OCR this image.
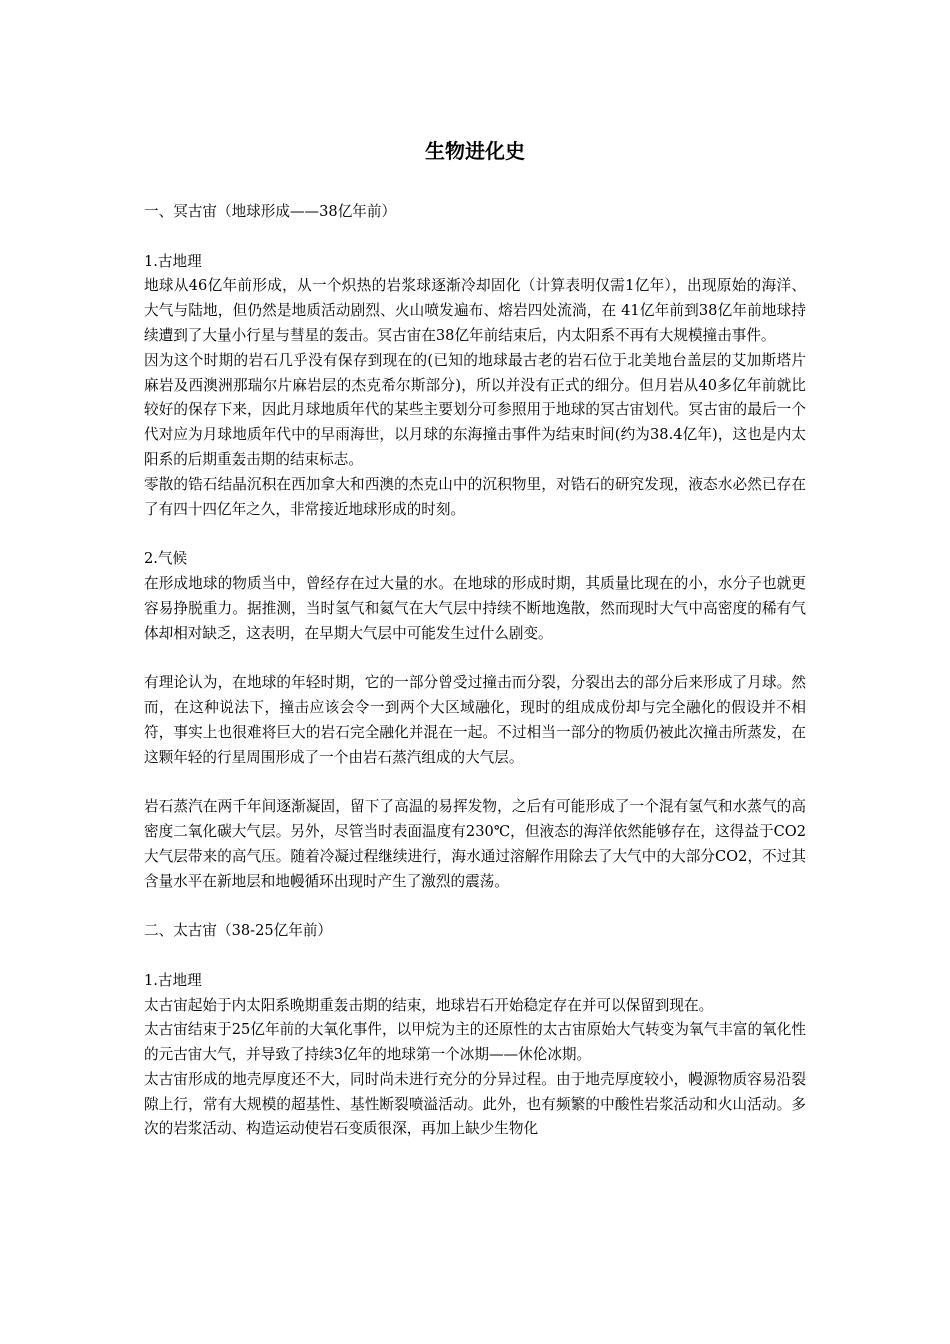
生物进化史

一、冥古宙（地球形成——38亿年前）

1.古地理

地球从46亿年前形成，从一个炽热的岩浆球逐渐冷却固化（计算表明仅需1亿年），出现原始的海洋、大气与陆地，但仍然是地质活动剧烈、火山喷发遍布、熔岩四处流淌，在 41亿年前到38亿年前地球持续遭到了大量小行星与彗星的轰击。冥古宙在38亿年前结束后，内太阳系不再有大规模撞击事件。

因为这个时期的岩石几乎没有保存到现在的(已知的地球最古老的岩石位于北美地台盖层的艾加斯塔片麻岩及西澳洲那瑞尔片麻岩层的杰克希尔斯部分)，所以并没有正式的细分。但月岩从40多亿年前就比较好的保存下来，因此月球地质年代的某些主要划分可参照用于地球的冥古宙划代。冥古宙的最后一个代对应为月球地质年代中的早雨海世，以月球的东海撞击事件为结束时间(约为38.4亿年)，这也是内太阳系的后期重轰击期的结束标志。

零散的锆石结晶沉积在西加拿大和西澳的杰克山中的沉积物里，对锆石的研究发现，液态水必然已存在了有四十四亿年之久，非常接近地球形成的时刻。

2.气候

在形成地球的物质当中，曾经存在过大量的水。在地球的形成时期，其质量比现在的小，水分子也就更容易挣脱重力。据推测，当时氢气和氦气在大气层中持续不断地逸散，然而现时大气中高密度的稀有气体却相对缺乏，这表明，在早期大气层中可能发生过什么剧变。

有理论认为，在地球的年轻时期，它的一部分曾受过撞击而分裂，分裂出去的部分后来形成了月球。然而，在这种说法下，撞击应该会令一到两个大区域融化，现时的组成成份却与完全融化的假设并不相符，事实上也很难将巨大的岩石完全融化并混在一起。不过相当一部分的物质仍被此次撞击所蒸发，在这颗年轻的行星周围形成了一个由岩石蒸汽组成的大气层。

岩石蒸汽在两千年间逐渐凝固，留下了高温的易挥发物，之后有可能形成了一个混有氢气和水蒸气的高密度二氧化碳大气层。另外，尽管当时表面温度有230℃，但液态的海洋依然能够存在，这得益于CO2大气层带来的高气压。随着冷凝过程继续进行，海水通过溶解作用除去了大气中的大部分CO2，不过其含量水平在新地层和地幔循环出现时产生了激烈的震荡。

二、太古宙（38-25亿年前）

1.古地理

太古宙起始于内太阳系晚期重轰击期的结束，地球岩石开始稳定存在并可以保留到现在。

太古宙结束于25亿年前的大氧化事件，以甲烷为主的还原性的太古宙原始大气转变为氧气丰富的氧化性的元古宙大气，并导致了持续3亿年的地球第一个冰期——休伦冰期。

太古宙形成的地壳厚度还不大，同时尚未进行充分的分异过程。由于地壳厚度较小，幔源物质容易沿裂隙上行，常有大规模的超基性、基性断裂喷溢活动。此外，也有频繁的中酸性岩浆活动和火山活动。多次的岩浆活动、构造运动使岩石变质很深，再加上缺少生物化
